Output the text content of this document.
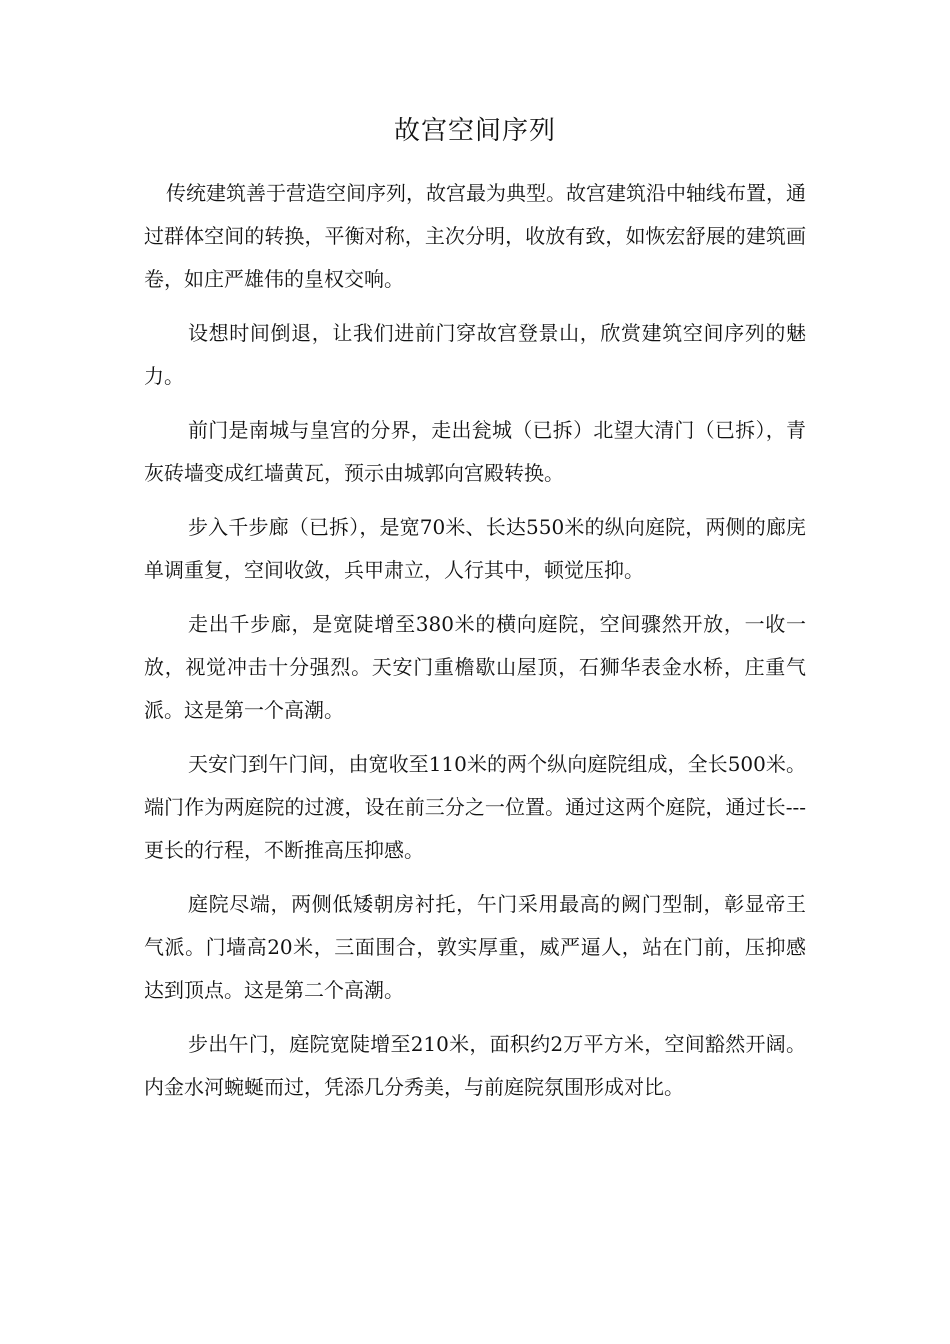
故宫空间序列

传统建筑善于营造空间序列，故宫最为典型。故宫建筑沿中轴线布置，通过群体空间的转换，平衡对称，主次分明，收放有致，如恢宏舒展的建筑画卷，如庄严雄伟的皇权交响。

设想时间倒退，让我们进前门穿故宫登景山，欣赏建筑空间序列的魅力。

前门是南城与皇宫的分界，走出瓮城（已拆）北望大清门（已拆），青灰砖墙变成红墙黄瓦，预示由城郭向宫殿转换。

步入千步廊（已拆），是宽70米、长达550米的纵向庭院，两侧的廊庑单调重复，空间收敛，兵甲肃立，人行其中，顿觉压抑。

走出千步廊，是宽陡增至380米的横向庭院，空间骤然开放，一收一放，视觉冲击十分强烈。天安门重檐歇山屋顶，石狮华表金水桥，庄重气派。这是第一个高潮。

天安门到午门间，由宽收至110米的两个纵向庭院组成，全长500米。端门作为两庭院的过渡，设在前三分之一位置。通过这两个庭院，通过长---更长的行程，不断推高压抑感。

庭院尽端，两侧低矮朝房衬托，午门采用最高的阙门型制，彰显帝王气派。门墙高20米，三面围合，敦实厚重，威严逼人，站在门前，压抑感达到顶点。这是第二个高潮。

步出午门，庭院宽陡增至210米，面积约2万平方米，空间豁然开阔。内金水河蜿蜒而过，凭添几分秀美，与前庭院氛围形成对比。
